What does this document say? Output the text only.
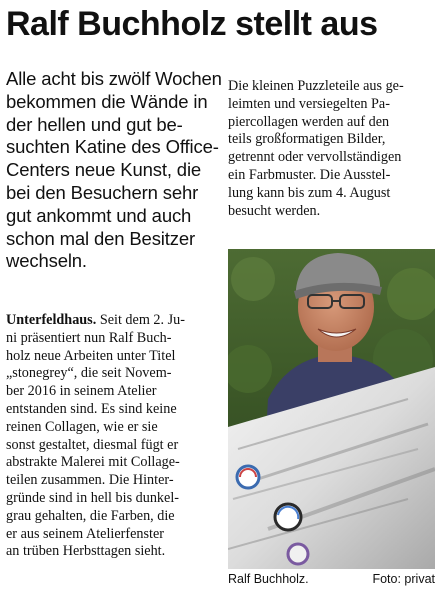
Ralf Buchholz stellt aus
Alle acht bis zwölf Wochen
bekommen die Wände in
der hellen und gut be-
suchten Katine des Office-
Centers neue Kunst, die
bei den Besuchern sehr
gut ankommt und auch
schon mal den Besitzer
wechseln.
Unterfeldhaus. Seit dem 2. Ju-
ni präsentiert nun Ralf Buch-
holz neue Arbeiten unter Titel
„stonegrey“, die seit Novem-
ber 2016 in seinem Atelier
entstanden sind. Es sind keine
reinen Collagen, wie er sie
sonst gestaltet, diesmal fügt er
abstrakte Malerei mit Collage-
teilen zusammen. Die Hinter-
gründe sind in hell bis dunkel-
grau gehalten, die Farben, die
er aus seinem Atelierfenster
an trüben Herbsttagen sieht.
Die kleinen Puzzleteile aus ge-
leimten und versiegelten Pa-
piercollagen werden auf den
teils großformatigen Bilder,
getrennt oder vervollständigen
ein Farbmuster. Die Ausstel-
lung kann bis zum 4. August
besucht werden.
Ralf Buchholz.	Foto: privat
